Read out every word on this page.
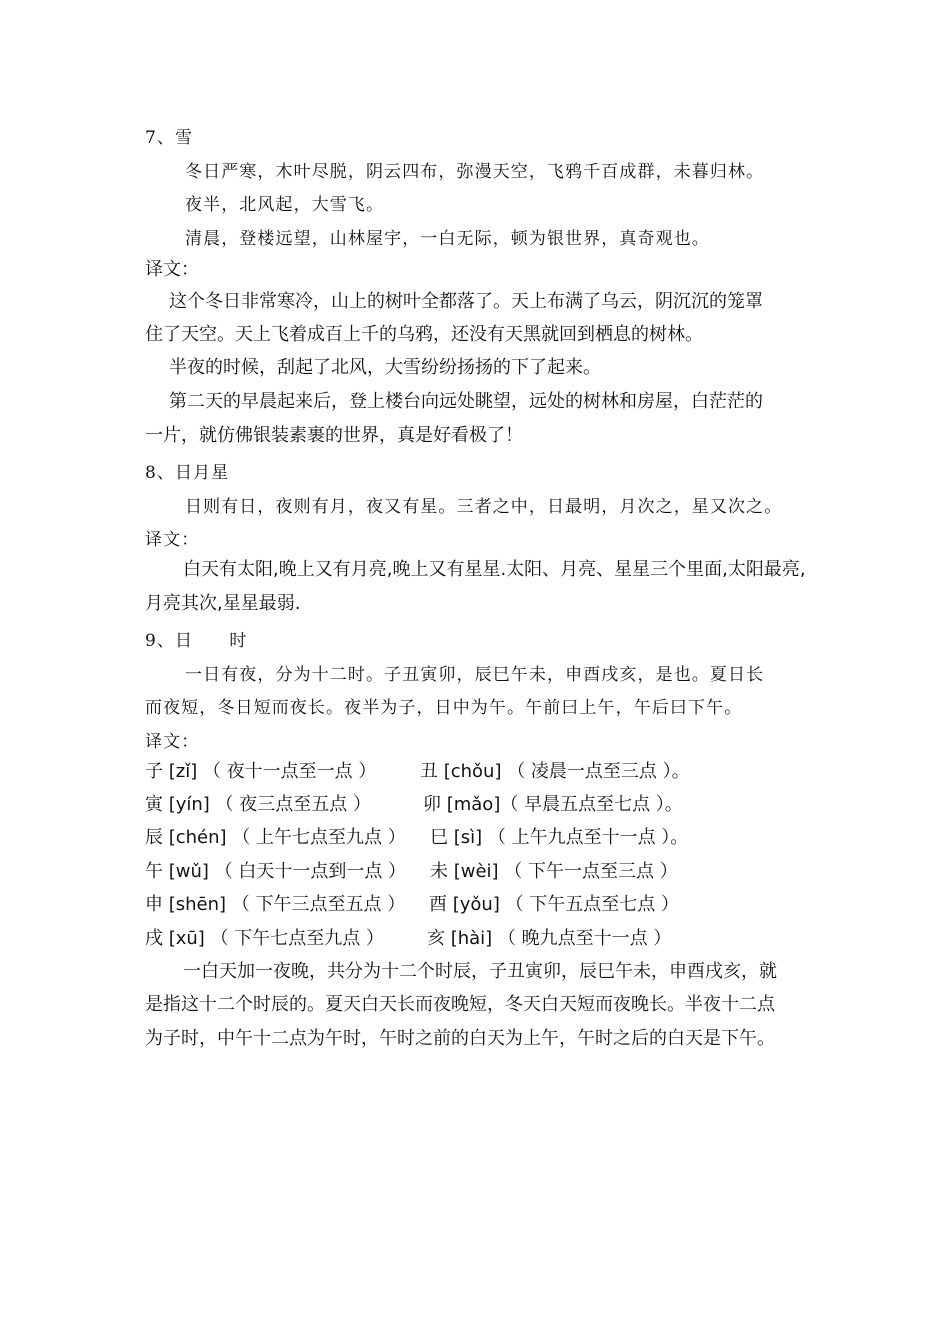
7、雪
冬日严寒，木叶尽脱，阴云四布，弥漫天空，飞鸦千百成群，未暮归林。
夜半，北风起，大雪飞。
清晨，登楼远望，山林屋宇，一白无际，顿为银世界，真奇观也。
译文：
这个冬日非常寒冷，山上的树叶全都落了。天上布满了乌云，阴沉沉的笼罩
住了天空。天上飞着成百上千的乌鸦，还没有天黑就回到栖息的树林。
半夜的时候，刮起了北风，大雪纷纷扬扬的下了起来。
第二天的早晨起来后，登上楼台向远处眺望，远处的树林和房屋，白茫茫的
一片，就仿佛银装素裹的世界，真是好看极了！
8、日月星
日则有日，夜则有月，夜又有星。三者之中，日最明，月次之，星又次之。
译文：
白天有太阳,晚上又有月亮,晚上又有星星.太阳、月亮、星星三个里面,太阳最亮,
月亮其次,星星最弱.
9、日　　时
一日有夜，分为十二时。子丑寅卯，辰巳午未，申酉戌亥，是也。夏日长
而夜短，冬日短而夜长。夜半为子，日中为午。午前曰上午，午后曰下午。
译文：
子 [zǐ] （ 夜十一点至一点 ） 丑 [chǒu] （ 凌晨一点至三点 ）。
寅 [yín] （ 夜三点至五点 ）	卯 [mǎo]（ 早晨五点至七点 ）。
辰 [chén] （ 上午七点至九点 ） 巳 [sì] （ 上午九点至十一点 ）。
午 [wǔ] （ 白天十一点到一点 ） 未 [wèi] （ 下午一点至三点 ）
申 [shēn] （ 下午三点至五点 ） 酉 [yǒu] （ 下午五点至七点 ）
戌 [xū] （ 下午七点至九点 ） 亥 [hài] （ 晚九点至十一点 ）
一白天加一夜晚，共分为十二个时辰，子丑寅卯，辰巳午未，申酉戌亥，就
是指这十二个时辰的。夏天白天长而夜晚短，冬天白天短而夜晚长。半夜十二点
为子时，中午十二点为午时，午时之前的白天为上午，午时之后的白天是下午。
